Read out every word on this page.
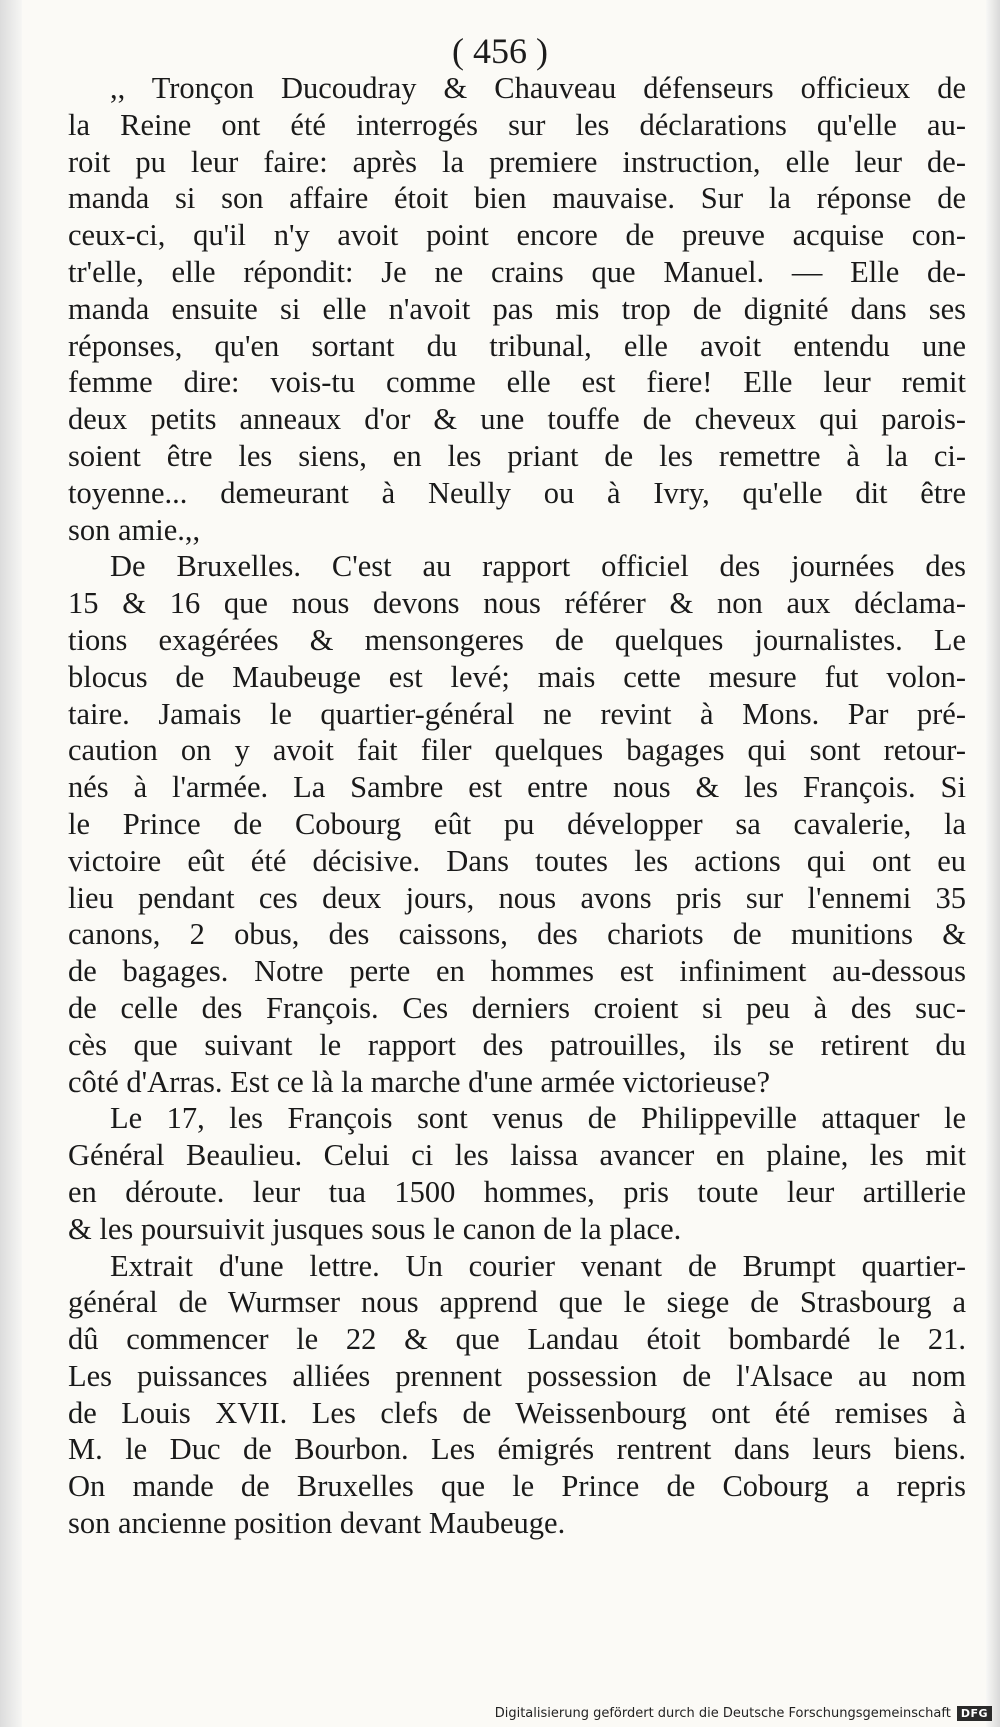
( 456 )
,, Tronçon Ducoudray & Chauveau défenseurs officieux de
la Reine ont été interrogés sur les déclarations qu'elle au-
roit pu leur faire: après la premiere instruction, elle leur de-
manda si son affaire étoit bien mauvaise. Sur la réponse de
ceux-ci, qu'il n'y avoit point encore de preuve acquise con-
tr'elle, elle répondit: Je ne crains que Manuel. — Elle de-
manda ensuite si elle n'avoit pas mis trop de dignité dans ses
réponses, qu'en sortant du tribunal, elle avoit entendu une
femme dire: vois-tu comme elle est fiere! Elle leur remit
deux petits anneaux d'or & une touffe de cheveux qui parois-
soient être les siens, en les priant de les remettre à la ci-
toyenne... demeurant à Neully ou à Ivry, qu'elle dit être
son amie.,,
De Bruxelles. C'est au rapport officiel des journées des
15 & 16 que nous devons nous référer & non aux déclama-
tions exagérées & mensongeres de quelques journalistes. Le
blocus de Maubeuge est levé; mais cette mesure fut volon-
taire. Jamais le quartier-général ne revint à Mons. Par pré-
caution on y avoit fait filer quelques bagages qui sont retour-
nés à l'armée. La Sambre est entre nous & les François. Si
le Prince de Cobourg eût pu développer sa cavalerie, la
victoire eût été décisive. Dans toutes les actions qui ont eu
lieu pendant ces deux jours, nous avons pris sur l'ennemi 35
canons, 2 obus, des caissons, des chariots de munitions &
de bagages. Notre perte en hommes est infiniment au-dessous
de celle des François. Ces derniers croient si peu à des suc-
cès que suivant le rapport des patrouilles, ils se retirent du
côté d'Arras. Est ce là la marche d'une armée victorieuse?
Le 17, les François sont venus de Philippeville attaquer le
Général Beaulieu. Celui ci les laissa avancer en plaine, les mit
en déroute. leur tua 1500 hommes, pris toute leur artillerie
& les poursuivit jusques sous le canon de la place.
Extrait d'une lettre. Un courier venant de Brumpt quartier-
général de Wurmser nous apprend que le siege de Strasbourg a
dû commencer le 22 & que Landau étoit bombardé le 21.
Les puissances alliées prennent possession de l'Alsace au nom
de Louis XVII. Les clefs de Weissenbourg ont été remises à
M. le Duc de Bourbon. Les émigrés rentrent dans leurs biens.
On mande de Bruxelles que le Prince de Cobourg a repris
son ancienne position devant Maubeuge.
Digitalisierung gefördert durch die Deutsche Forschungsgemeinschaft DFG
